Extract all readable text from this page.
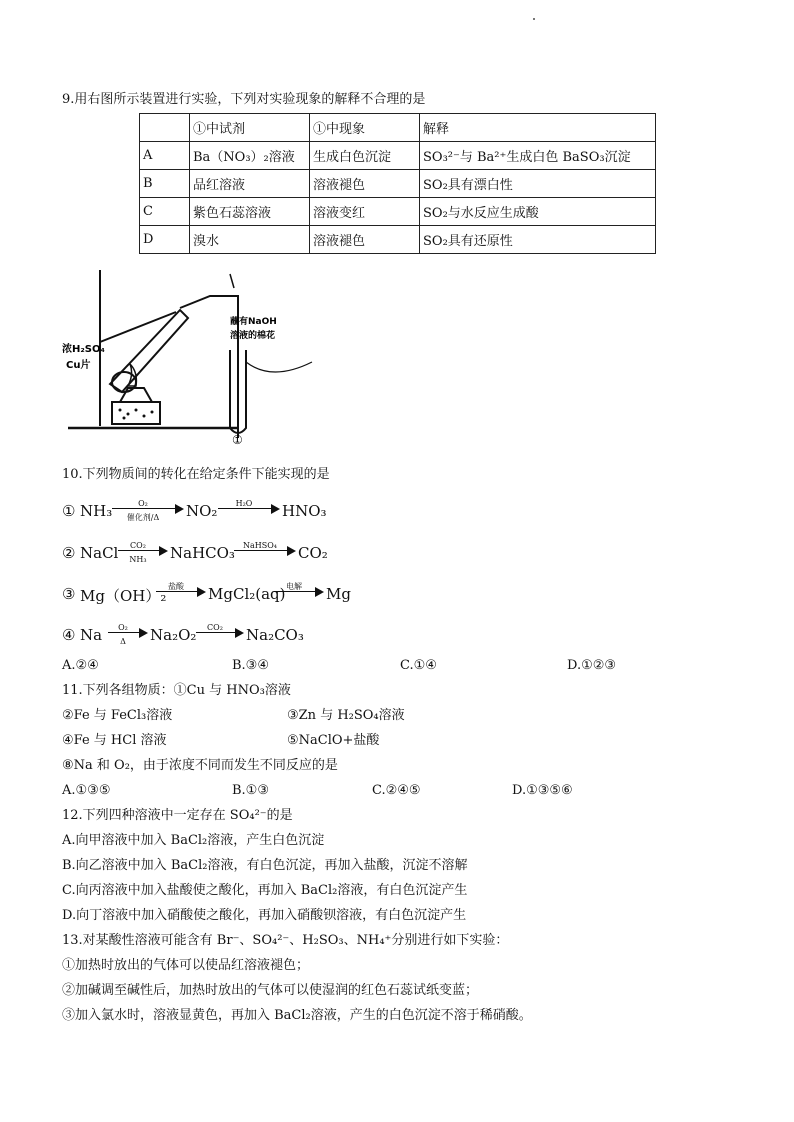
9.用右图所示装置进行实验，下列对实验现象的解释不合理的是
	①中试剂	①中现象	解释
A	Ba（NO₃）₂溶液	生成白色沉淀	SO₃²⁻与 Ba²⁺生成白色 BaSO₃沉淀
B	品红溶液	溶液褪色	SO₂具有漂白性
C	紫色石蕊溶液	溶液变红	SO₂与水反应生成酸
D	溴水	溶液褪色	SO₂具有还原性
浓H₂SO₄
Cu片
蘸有NaOH
溶液的棉花
①
10.下列物质间的转化在给定条件下能实现的是
① NH₃	O₂
催化剂/Δ	NO₂	H₂O	HNO₃
② NaCl	CO₂
NH₃	NaHCO₃	NaHSO₄	CO₂
③ Mg（OH）₂
盐酸	MgCl₂(aq) 电解	Mg
④ Na	O₂
Δ	Na₂O₂	CO₂	Na₂CO₃
A.②④	B.③④	C.①④	D.①②③
11.下列各组物质：①Cu 与 HNO₃溶液
②Fe 与 FeCl₃溶液	③Zn 与 H₂SO₄溶液
④Fe 与 HCl 溶液	⑤NaClO+盐酸
⑧Na 和 O₂，由于浓度不同而发生不同反应的是
A.①③⑤	B.①③	C.②④⑤	D.①③⑤⑥
12.下列四种溶液中一定存在 SO₄²⁻的是
A.向甲溶液中加入 BaCl₂溶液，产生白色沉淀
B.向乙溶液中加入 BaCl₂溶液，有白色沉淀，再加入盐酸，沉淀不溶解
C.向丙溶液中加入盐酸使之酸化，再加入 BaCl₂溶液，有白色沉淀产生
D.向丁溶液中加入硝酸使之酸化，再加入硝酸钡溶液，有白色沉淀产生
13.对某酸性溶液可能含有 Br⁻、SO₄²⁻、H₂SO₃、NH₄⁺分别进行如下实验：
①加热时放出的气体可以使品红溶液褪色；
②加碱调至碱性后，加热时放出的气体可以使湿润的红色石蕊试纸变蓝；
③加入氯水时，溶液显黄色，再加入 BaCl₂溶液，产生的白色沉淀不溶于稀硝酸。
